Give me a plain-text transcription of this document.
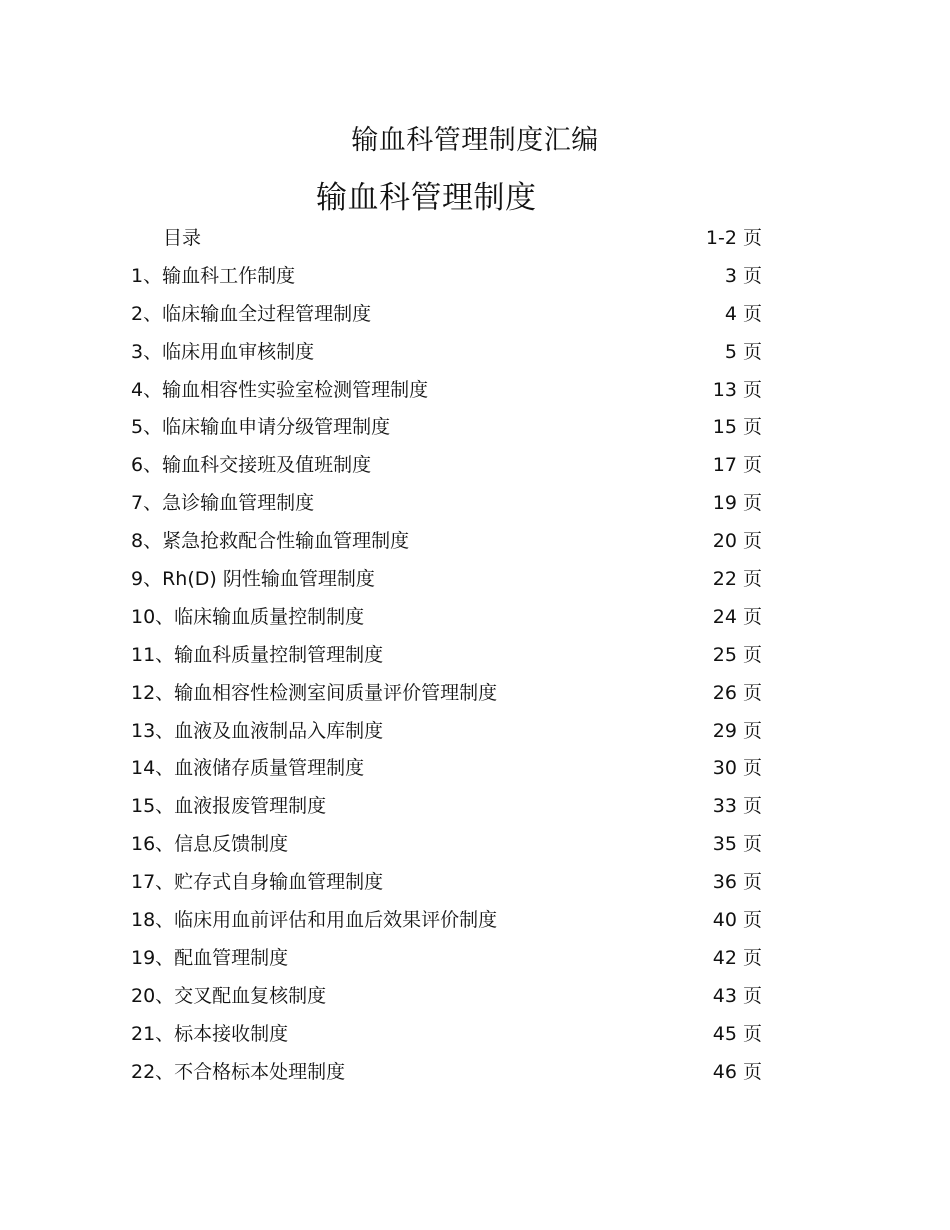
输血科管理制度汇编
输血科管理制度
目录	1-2 页
1、输血科工作制度	3 页
2、临床输血全过程管理制度	4 页
3、临床用血审核制度	5 页
4、输血相容性实验室检测管理制度	13 页
5、临床输血申请分级管理制度	15 页
6、输血科交接班及值班制度	17 页
7、急诊输血管理制度	19 页
8、紧急抢救配合性输血管理制度	20 页
9、Rh(D) 阴性输血管理制度	22 页
10、临床输血质量控制制度	24 页
11、输血科质量控制管理制度	25 页
12、输血相容性检测室间质量评价管理制度	26 页
13、血液及血液制品入库制度	29 页
14、血液储存质量管理制度	30 页
15、血液报废管理制度	33 页
16、信息反馈制度	35 页
17、贮存式自身输血管理制度	36 页
18、临床用血前评估和用血后效果评价制度	40 页
19、配血管理制度	42 页
20、交叉配血复核制度	43 页
21、标本接收制度	45 页
22、不合格标本处理制度	46 页
